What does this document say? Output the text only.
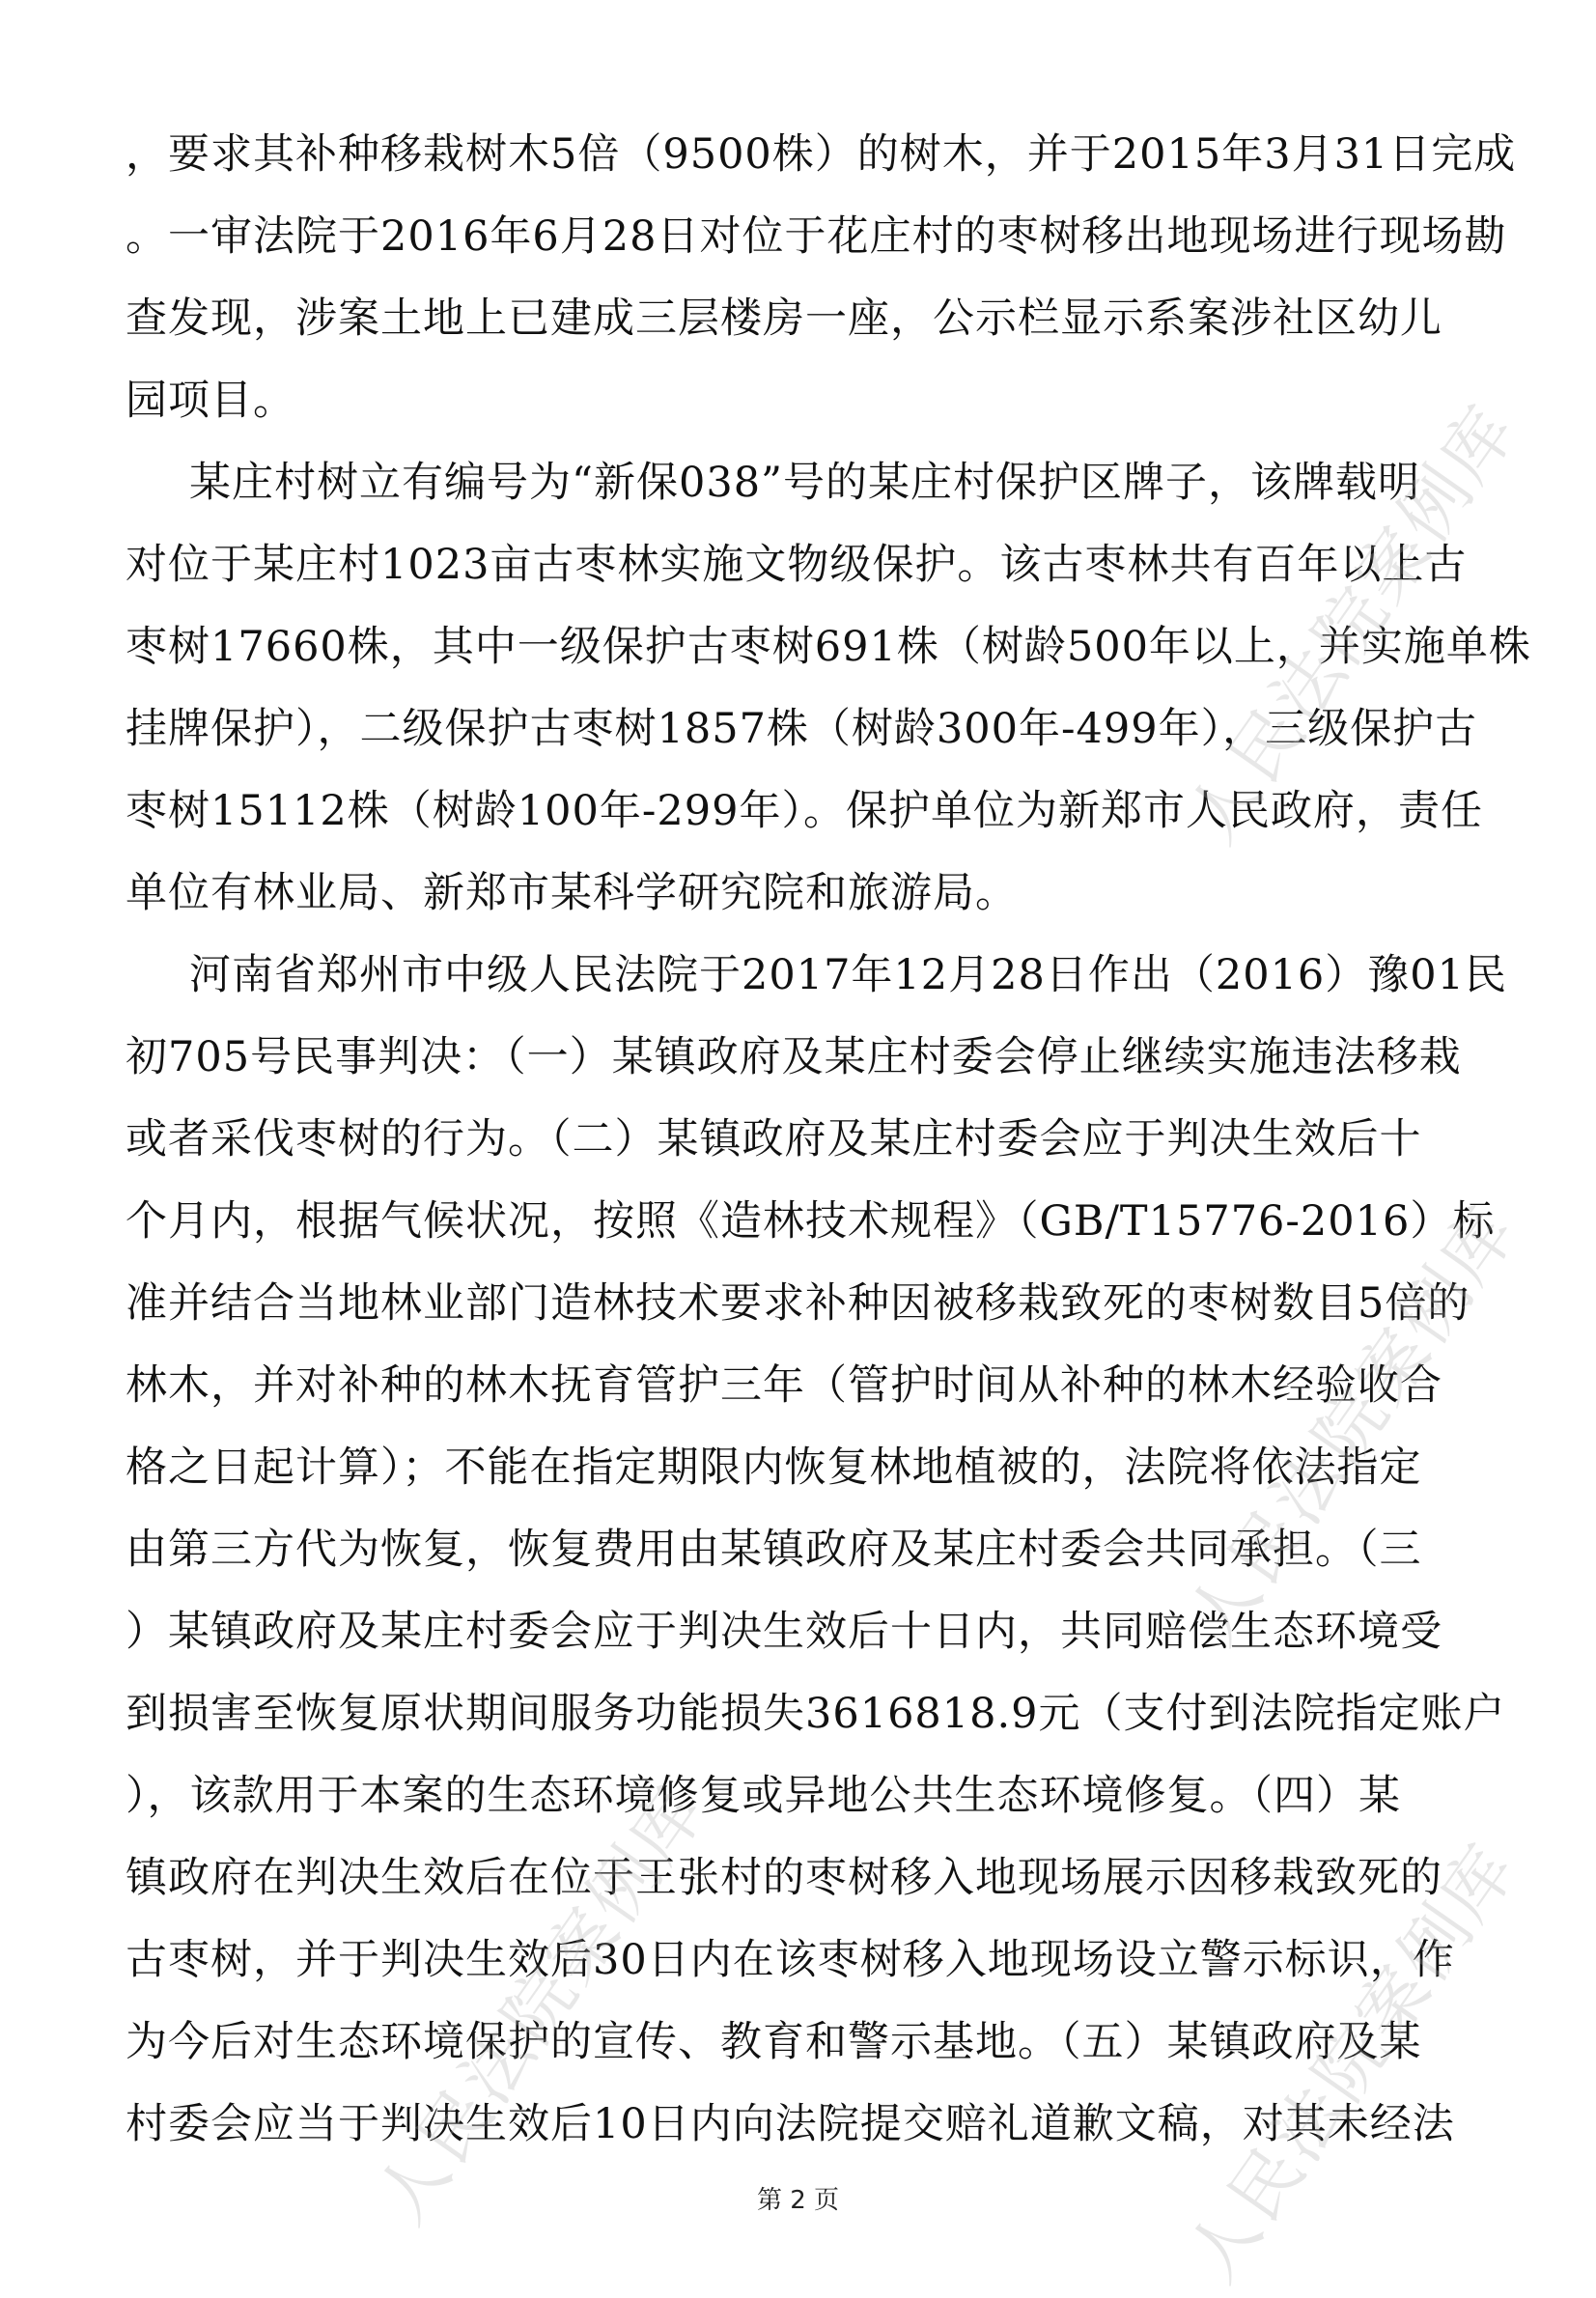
，要求其补种移栽树木5倍（9500株）的树木，并于2015年3月31日完成
。一审法院于2016年6月28日对位于花庄村的枣树移出地现场进行现场勘
查发现，涉案土地上已建成三层楼房一座，公示栏显示系案涉社区幼儿
园项目。
某庄村树立有编号为“新保038”号的某庄村保护区牌子，该牌载明
对位于某庄村1023亩古枣林实施文物级保护。该古枣林共有百年以上古
枣树17660株，其中一级保护古枣树691株（树龄500年以上，并实施单株
挂牌保护），二级保护古枣树1857株（树龄300年-499年），三级保护古
枣树15112株（树龄100年-299年）。保护单位为新郑市人民政府，责任
单位有林业局、新郑市某科学研究院和旅游局。
河南省郑州市中级人民法院于2017年12月28日作出（2016）豫01民
初705号民事判决：（一）某镇政府及某庄村委会停止继续实施违法移栽
或者采伐枣树的行为。（二）某镇政府及某庄村委会应于判决生效后十
个月内，根据气候状况，按照《造林技术规程》（GB/T15776-2016）标
准并结合当地林业部门造林技术要求补种因被移栽致死的枣树数目5倍的
林木，并对补种的林木抚育管护三年（管护时间从补种的林木经验收合
格之日起计算）；不能在指定期限内恢复林地植被的，法院将依法指定
由第三方代为恢复，恢复费用由某镇政府及某庄村委会共同承担。（三
）某镇政府及某庄村委会应于判决生效后十日内，共同赔偿生态环境受
到损害至恢复原状期间服务功能损失3616818.9元（支付到法院指定账户
），该款用于本案的生态环境修复或异地公共生态环境修复。（四）某
镇政府在判决生效后在位于王张村的枣树移入地现场展示因移栽致死的
古枣树，并于判决生效后30日内在该枣树移入地现场设立警示标识，作
为今后对生态环境保护的宣传、教育和警示基地。（五）某镇政府及某
村委会应当于判决生效后10日内向法院提交赔礼道歉文稿，对其未经法
人民法院案例库
人民法院案例库
人民法院案例库	人民法院案例库
第 2 页
